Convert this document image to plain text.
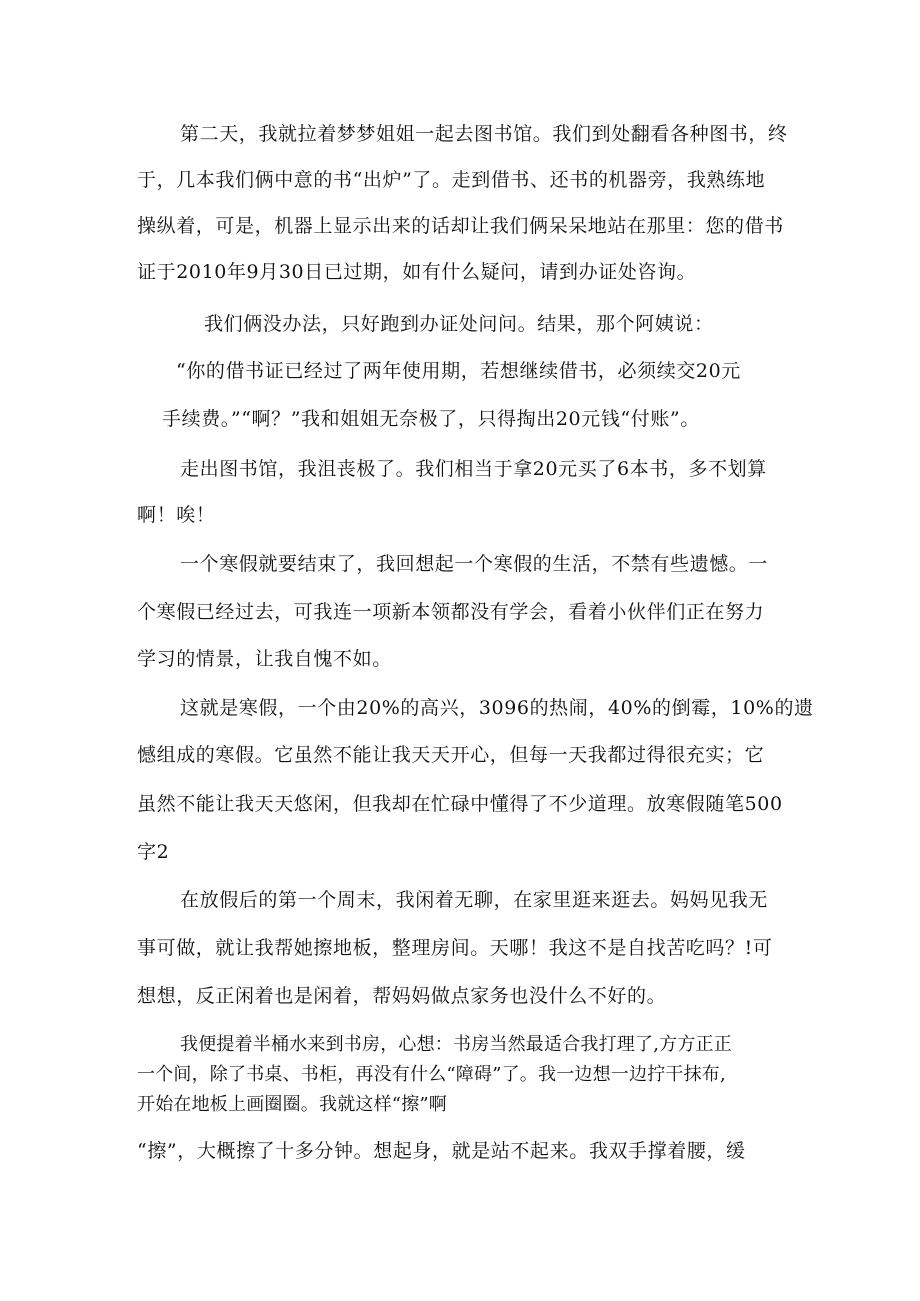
第二天，我就拉着梦梦姐姐一起去图书馆。我们到处翻看各种图书，终

于，几本我们俩中意的书“出炉”了。走到借书、还书的机器旁，我熟练地

操纵着，可是，机器上显示出来的话却让我们俩呆呆地站在那里：您的借书

证于2010年9月30日已过期，如有什么疑问，请到办证处咨询。

我们俩没办法，只好跑到办证处问问。结果，那个阿姨说：

“你的借书证已经过了两年使用期，若想继续借书，必须续交20元

手续费。”“啊？”我和姐姐无奈极了，只得掏出20元钱“付账”。

走出图书馆，我沮丧极了。我们相当于拿20元买了6本书，多不划算

啊！唉！

一个寒假就要结束了，我回想起一个寒假的生活，不禁有些遗憾。一

个寒假已经过去，可我连一项新本领都没有学会，看着小伙伴们正在努力

学习的情景，让我自愧不如。

这就是寒假，一个由20%的高兴，3096的热闹，40%的倒霉，10%的遗

憾组成的寒假。它虽然不能让我天天开心，但每一天我都过得很充实；它

虽然不能让我天天悠闲，但我却在忙碌中懂得了不少道理。放寒假随笔500

字2

在放假后的第一个周末，我闲着无聊，在家里逛来逛去。妈妈见我无

事可做，就让我帮她擦地板，整理房间。天哪！我这不是自找苦吃吗？!可

想想，反正闲着也是闲着，帮妈妈做点家务也没什么不好的。

我便提着半桶水来到书房，心想：书房当然最适合我打理了,方方正正

一个间，除了书桌、书柜，再没有什么“障碍”了。我一边想一边拧干抹布,

开始在地板上画圈圈。我就这样“擦”啊

“擦”，大概擦了十多分钟。想起身，就是站不起来。我双手撑着腰，缓
